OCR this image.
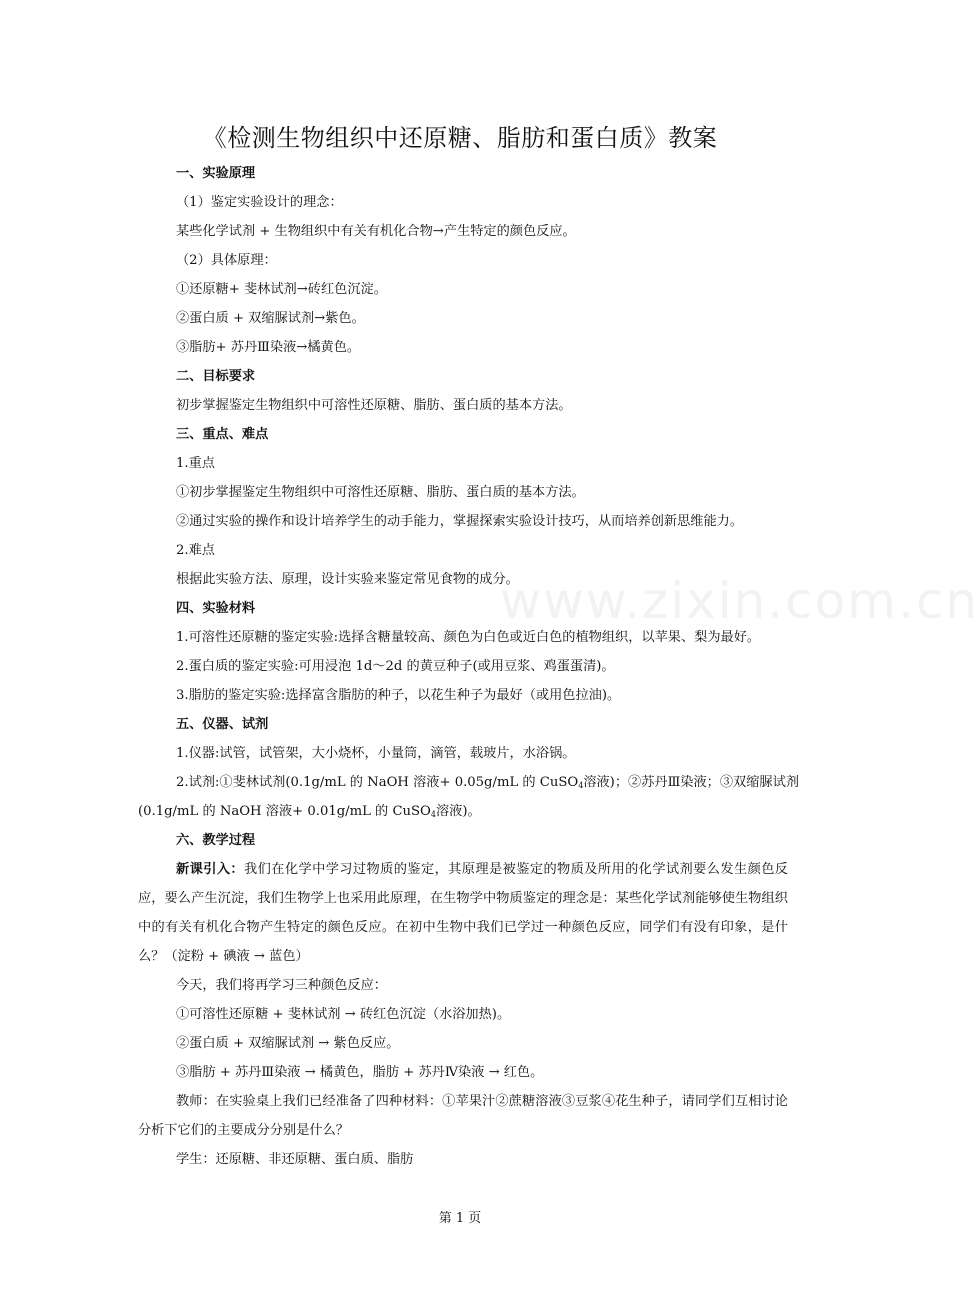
www.zixin.com.cn
《检测生物组织中还原糖、脂肪和蛋白质》教案
一、实验原理
（1）鉴定实验设计的理念：
某些化学试剂 + 生物组织中有关有机化合物→产生特定的颜色反应。
（2）具体原理：
①还原糖+ 斐林试剂→砖红色沉淀。
②蛋白质 + 双缩脲试剂→紫色。
③脂肪+ 苏丹Ⅲ染液→橘黄色。
二、目标要求
初步掌握鉴定生物组织中可溶性还原糖、脂肪、蛋白质的基本方法。
三、重点、难点
1.重点
①初步掌握鉴定生物组织中可溶性还原糖、脂肪、蛋白质的基本方法。
②通过实验的操作和设计培养学生的动手能力，掌握探索实验设计技巧，从而培养创新思维能力。
2.难点
根据此实验方法、原理，设计实验来鉴定常见食物的成分。
四、实验材料
1.可溶性还原糖的鉴定实验:选择含糖量较高、颜色为白色或近白色的植物组织，以苹果、梨为最好。
2.蛋白质的鉴定实验:可用浸泡 1d～2d 的黄豆种子(或用豆浆、鸡蛋蛋清)。
3.脂肪的鉴定实验:选择富含脂肪的种子，以花生种子为最好（或用色拉油)。
五、仪器、试剂
1.仪器:试管，试管架，大小烧杯，小量筒，滴管，载玻片，水浴锅。
2.试剂:①斐林试剂(0.1g/mL 的 NaOH 溶液+ 0.05g/mL 的 CuSO$_4$溶液)；②苏丹Ⅲ染液；③双缩脲试剂
(0.1g/mL 的 NaOH 溶液+ 0.01g/mL 的 CuSO$_4$溶液)。
六、教学过程
新课引入：我们在化学中学习过物质的鉴定，其原理是被鉴定的物质及所用的化学试剂要么发生颜色反应，要么产生沉淀，我们生物学上也采用此原理，在生物学中物质鉴定的理念是：某些化学试剂能够使生物组织中的有关有机化合物产生特定的颜色反应。在初中生物中我们已学过一种颜色反应，同学们有没有印象，是什么？（淀粉 + 碘液 → 蓝色）
今天，我们将再学习三种颜色反应：
①可溶性还原糖 + 斐林试剂 → 砖红色沉淀（水浴加热)。
②蛋白质 + 双缩脲试剂 → 紫色反应。
③脂肪 + 苏丹Ⅲ染液 → 橘黄色，脂肪 + 苏丹Ⅳ染液 → 红色。
教师：在实验桌上我们已经准备了四种材料：①苹果汁②蔗糖溶液③豆浆④花生种子，请同学们互相讨论分析下它们的主要成分分别是什么？
学生：还原糖、非还原糖、蛋白质、脂肪
第 1 页
